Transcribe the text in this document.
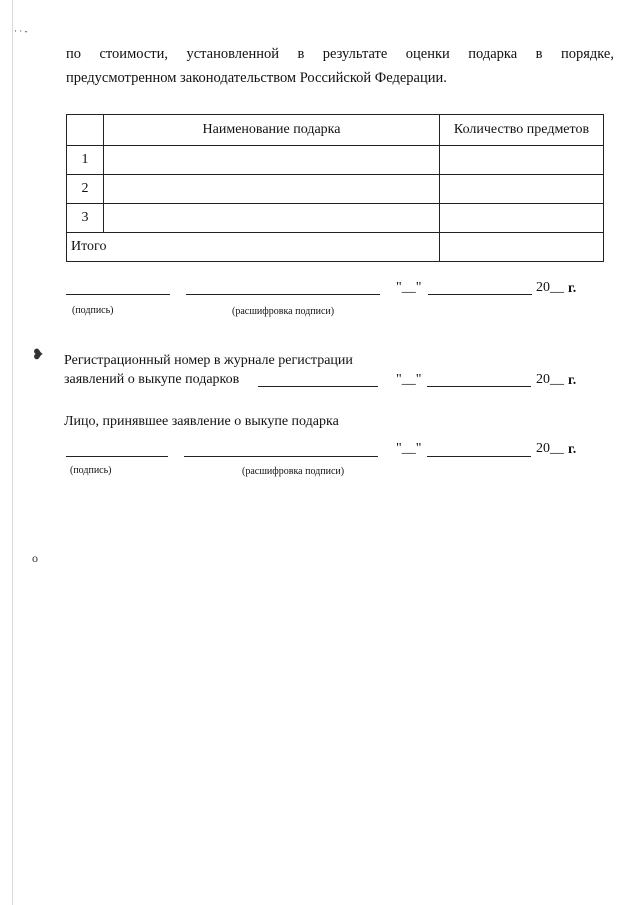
· · -
❥
o
по стоимости, установленной в результате оценки подарка в порядке,
предусмотренном законодательством Российской Федерации.
	Наименование подарка	Количество предметов
1		
2		
3		
Итого		
"__"	20__ г.
(подпись)	(расшифровка подписи)
Регистрационный номер в журнале регистрации
заявлений о выкупе подарков	"__"	20__ г.
Лицо, принявшее заявление о выкупе подарка
"__"	20__ г.
(подпись)	(расшифровка подписи)
